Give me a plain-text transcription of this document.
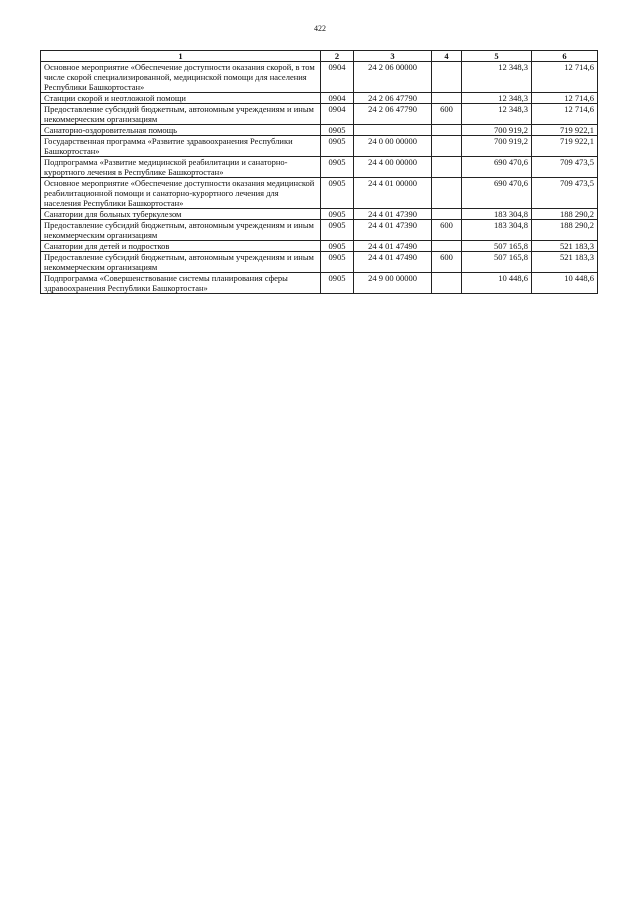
422
1	2	3	4	5	6
Основное мероприятие «Обеспечение доступности оказания скорой, в том числе скорой специализированной, медицинской помощи для населения Республики Башкортостан»	0904	24 2 06 00000		12 348,3	12 714,6
Станции скорой и неотложной помощи	0904	24 2 06 47790		12 348,3	12 714,6
Предоставление субсидий бюджетным, автономным учреждениям и иным некоммерческим организациям	0904	24 2 06 47790	600	12 348,3	12 714,6
Санаторно-оздоровительная помощь	0905			700 919,2	719 922,1
Государственная программа «Развитие здравоохранения Республики Башкортостан»	0905	24 0 00 00000		700 919,2	719 922,1
Подпрограмма «Развитие медицинской реабилитации и санаторно-курортного лечения в Республике Башкортостан»	0905	24 4 00 00000		690 470,6	709 473,5
Основное мероприятие «Обеспечение доступности оказания медицинской реабилитационной помощи и санаторно-курортного лечения для населения Республики Башкортостан»	0905	24 4 01 00000		690 470,6	709 473,5
Санатории для больных туберкулезом	0905	24 4 01 47390		183 304,8	188 290,2
Предоставление субсидий бюджетным, автономным учреждениям и иным некоммерческим организациям	0905	24 4 01 47390	600	183 304,8	188 290,2
Санатории для детей и подростков	0905	24 4 01 47490		507 165,8	521 183,3
Предоставление субсидий бюджетным, автономным учреждениям и иным некоммерческим организациям	0905	24 4 01 47490	600	507 165,8	521 183,3
Подпрограмма «Совершенствование системы планирования сферы здравоохранения Республики Башкортостан»	0905	24 9 00 00000		10 448,6	10 448,6
